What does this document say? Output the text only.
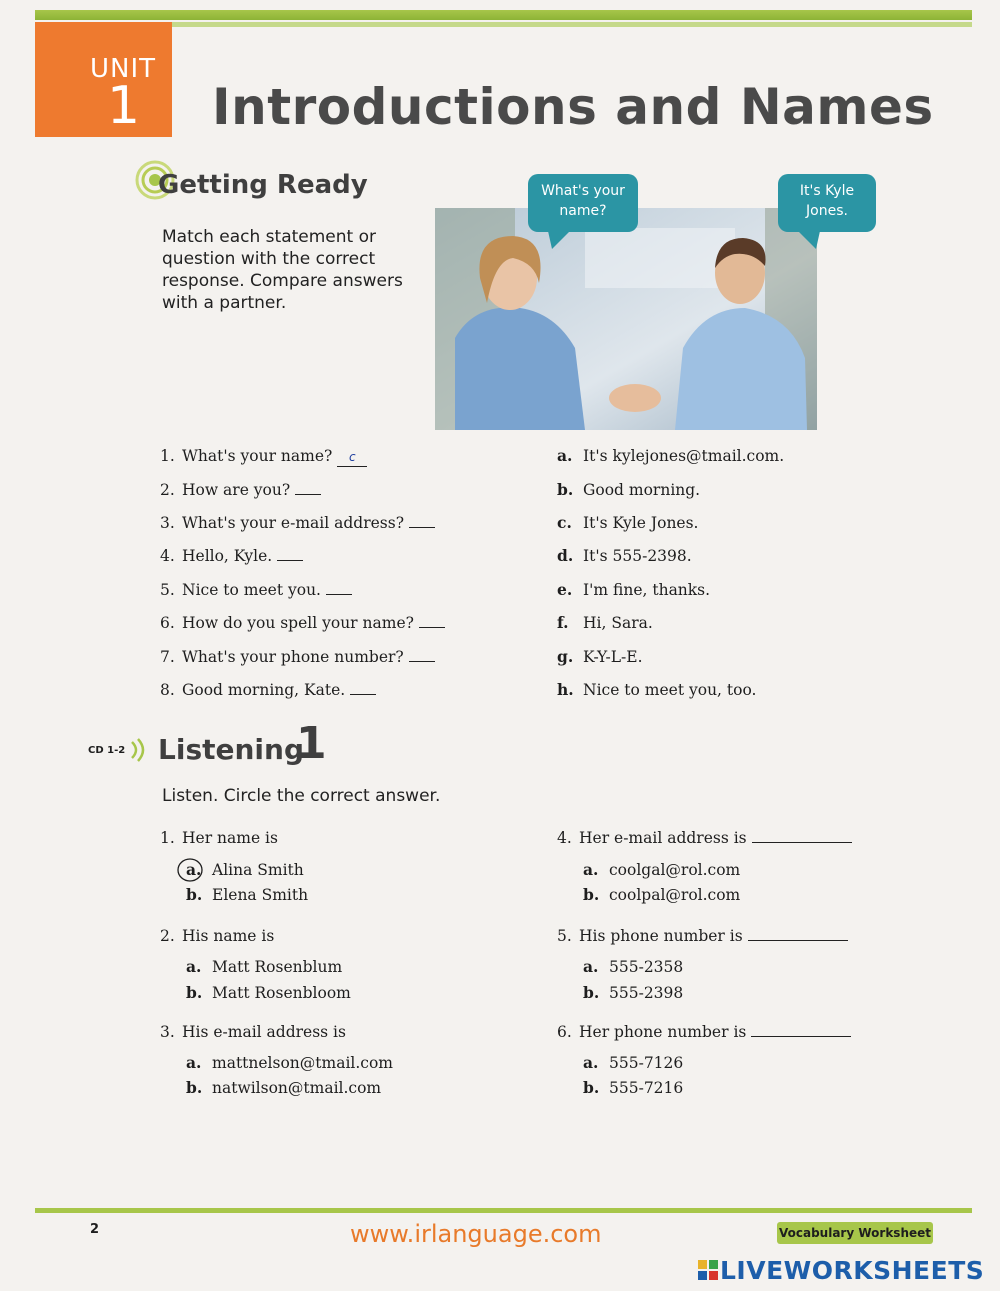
UNIT
1 Introductions and Names
Getting Ready
Match each statement or
question with the correct
response. Compare answers
with a partner.
What's your
name?
It's Kyle
Jones.
1. What's your name? c
2. How are you?
3. What's your e-mail address?
4. Hello, Kyle.
5. Nice to meet you.
6. How do you spell your name?
7. What's your phone number?
8. Good morning, Kate.
a. It's kylejones@tmail.com.
b. Good morning.
c. It's Kyle Jones.
d. It's 555-2398.
e. I'm fine, thanks.
f. Hi, Sara.
g. K-Y-L-E.
h. Nice to meet you, too.
CD 1-2 Listening
1
Listen. Circle the correct answer.
1. Her name is
a. Alina Smith
b. Elena Smith
2. His name is
a. Matt Rosenblum
b. Matt Rosenbloom
3. His e-mail address is
a. mattnelson@tmail.com
b. natwilson@tmail.com
4. Her e-mail address is
a. coolgal@rol.com
b. coolpal@rol.com
5. His phone number is
a. 555-2358
b. 555-2398
6. Her phone number is
a. 555-7126
b. 555-7216
2	www.irlanguage.com	Vocabulary Worksheet
LIVEWORKSHEETS
